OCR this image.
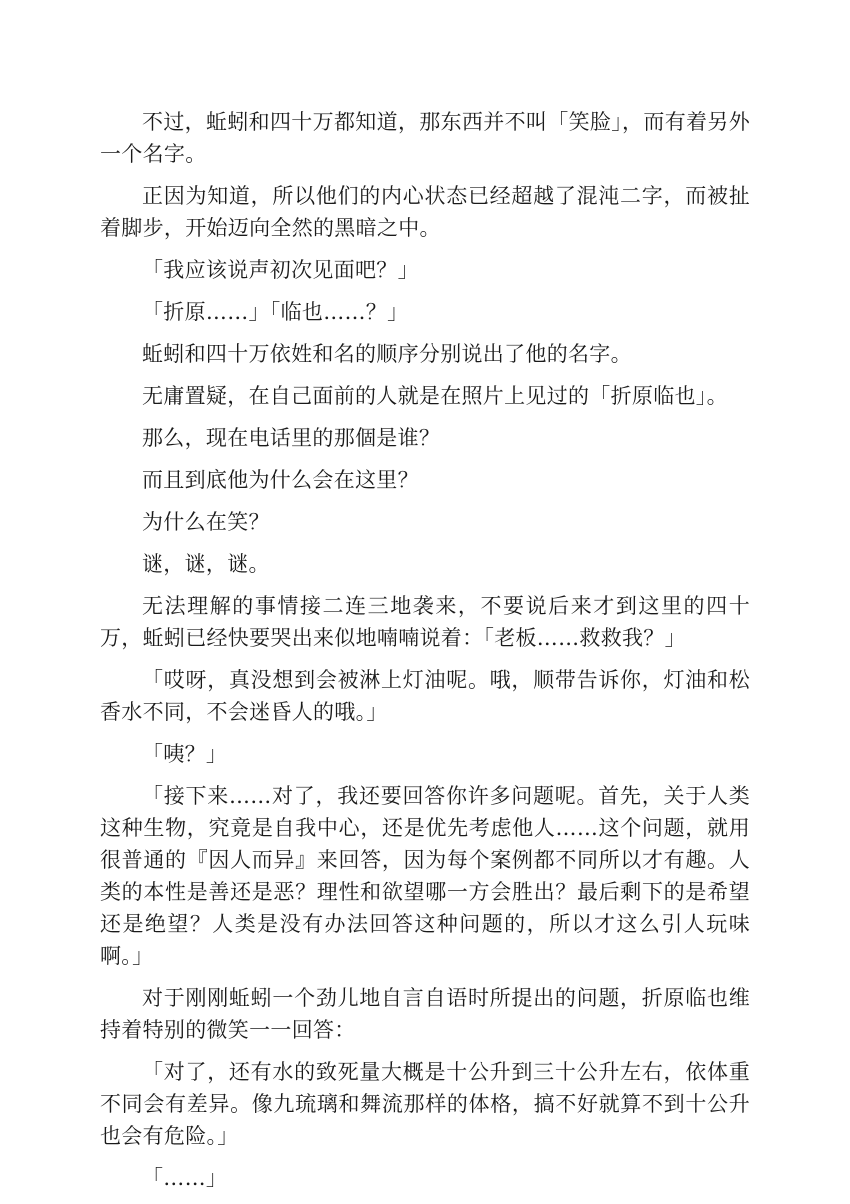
不过，蚯蚓和四十万都知道，那东西并不叫「笑脸」，而有着另外一个名字。

正因为知道，所以他们的内心状态已经超越了混沌二字，而被扯着脚步，开始迈向全然的黑暗之中。

「我应该说声初次见面吧？」

「折原……」「临也……？」

蚯蚓和四十万依姓和名的顺序分别说出了他的名字。

无庸置疑，在自己面前的人就是在照片上见过的「折原临也」。

那么，现在电话里的那個是谁？

而且到底他为什么会在这里？

为什么在笑？

谜，谜，谜。

无法理解的事情接二连三地袭来，不要说后来才到这里的四十万，蚯蚓已经快要哭出来似地喃喃说着：「老板……救救我？」

「哎呀，真没想到会被淋上灯油呢。哦，顺带告诉你，灯油和松香水不同，不会迷昏人的哦。」

「咦？」

「接下来……对了，我还要回答你许多问题呢。首先，关于人类这种生物，究竟是自我中心，还是优先考虑他人……这个问题，就用很普通的『因人而异』来回答，因为每个案例都不同所以才有趣。人类的本性是善还是恶？理性和欲望哪一方会胜出？最后剩下的是希望还是绝望？人类是没有办法回答这种问题的，所以才这么引人玩味啊。」

对于刚刚蚯蚓一个劲儿地自言自语时所提出的问题，折原临也维持着特别的微笑一一回答：

「对了，还有水的致死量大概是十公升到三十公升左右，依体重不同会有差异。像九琉璃和舞流那样的体格，搞不好就算不到十公升也会有危险。」

「……」
